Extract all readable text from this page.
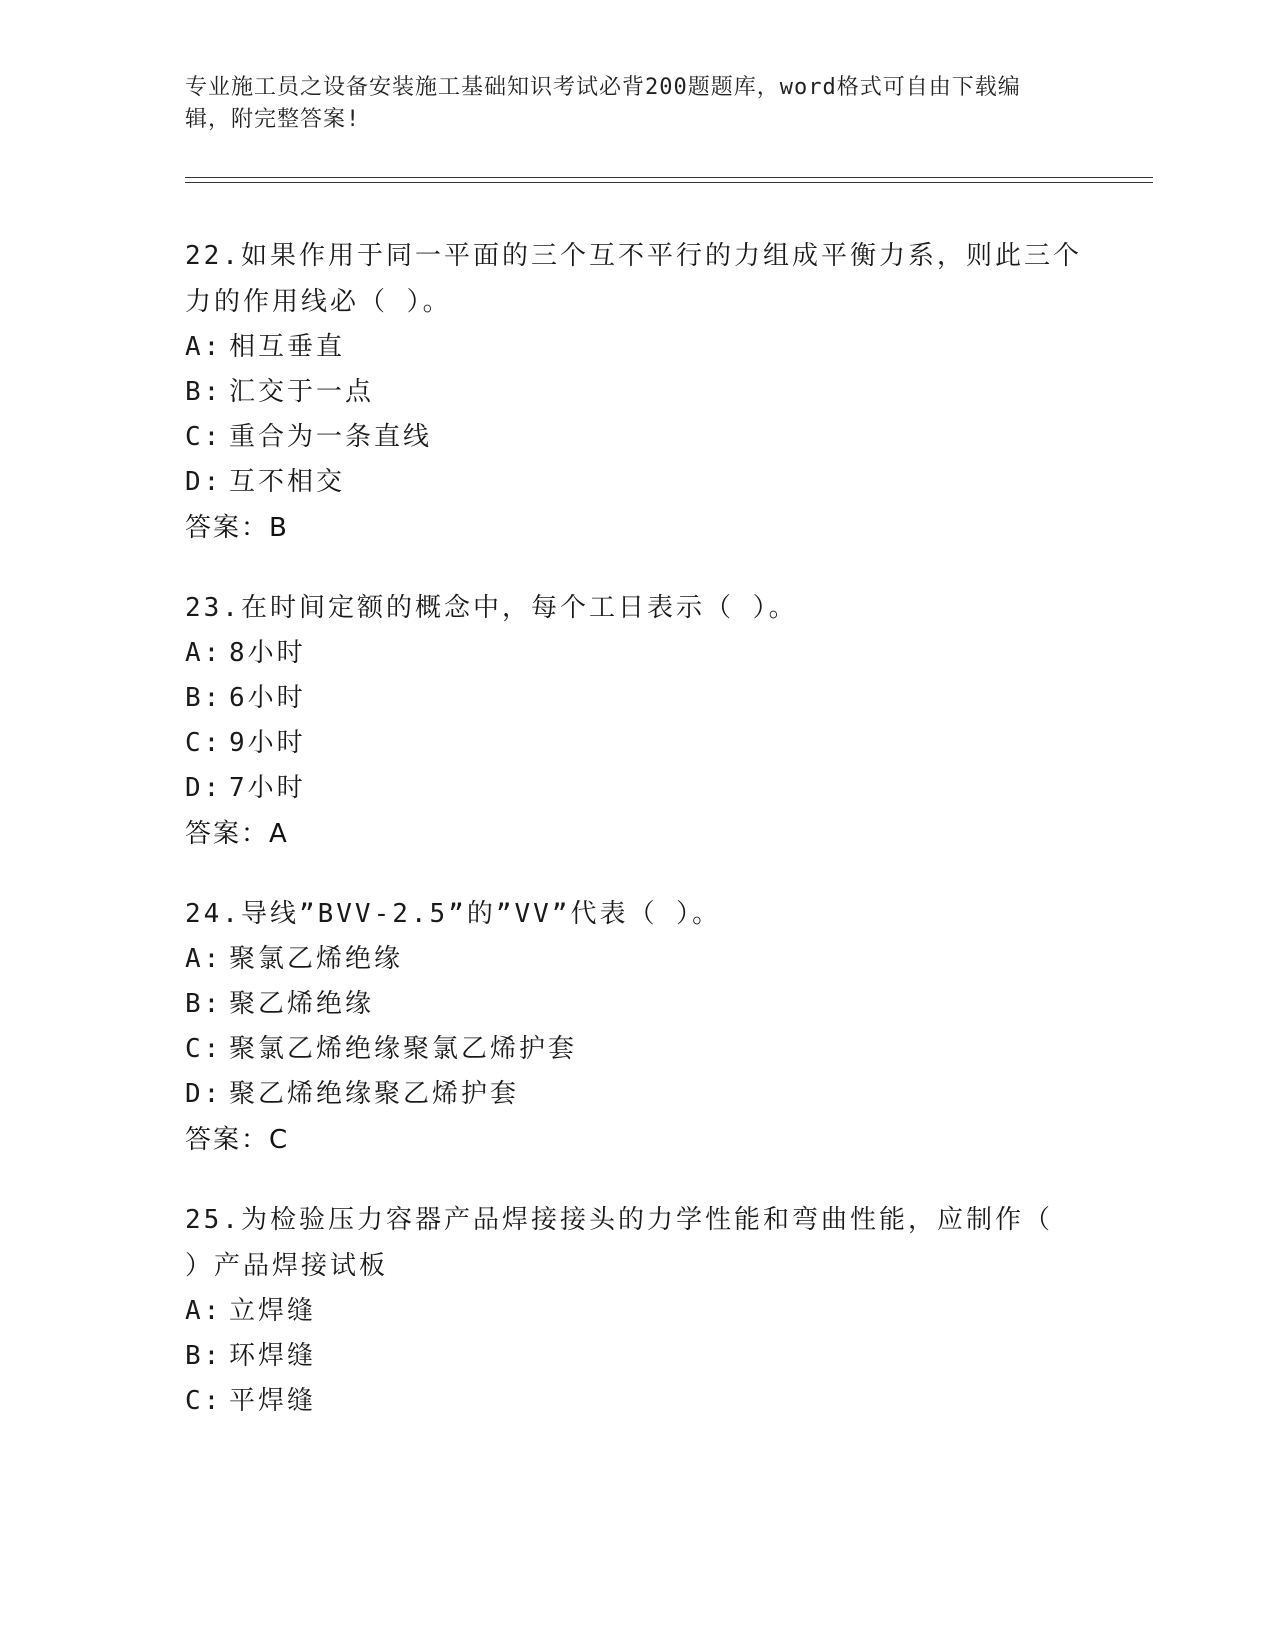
专业施工员之设备安装施工基础知识考试必背200题题库，word格式可自由下载编辑，附完整答案!

22.如果作用于同一平面的三个互不平行的力组成平衡力系，则此三个力的作用线必（ ）。

A: 相互垂直

B: 汇交于一点

C: 重合为一条直线

D: 互不相交

答案：B

23.在时间定额的概念中，每个工日表示（ ）。

A: 8小时

B: 6小时

C: 9小时

D: 7小时

答案：A

24.导线”BVV-2.5”的”VV”代表（ ）。

A: 聚氯乙烯绝缘

B: 聚乙烯绝缘

C: 聚氯乙烯绝缘聚氯乙烯护套

D: 聚乙烯绝缘聚乙烯护套

答案：C

25.为检验压力容器产品焊接接头的力学性能和弯曲性能，应制作（ ）产品焊接试板

A: 立焊缝

B: 环焊缝

C: 平焊缝
